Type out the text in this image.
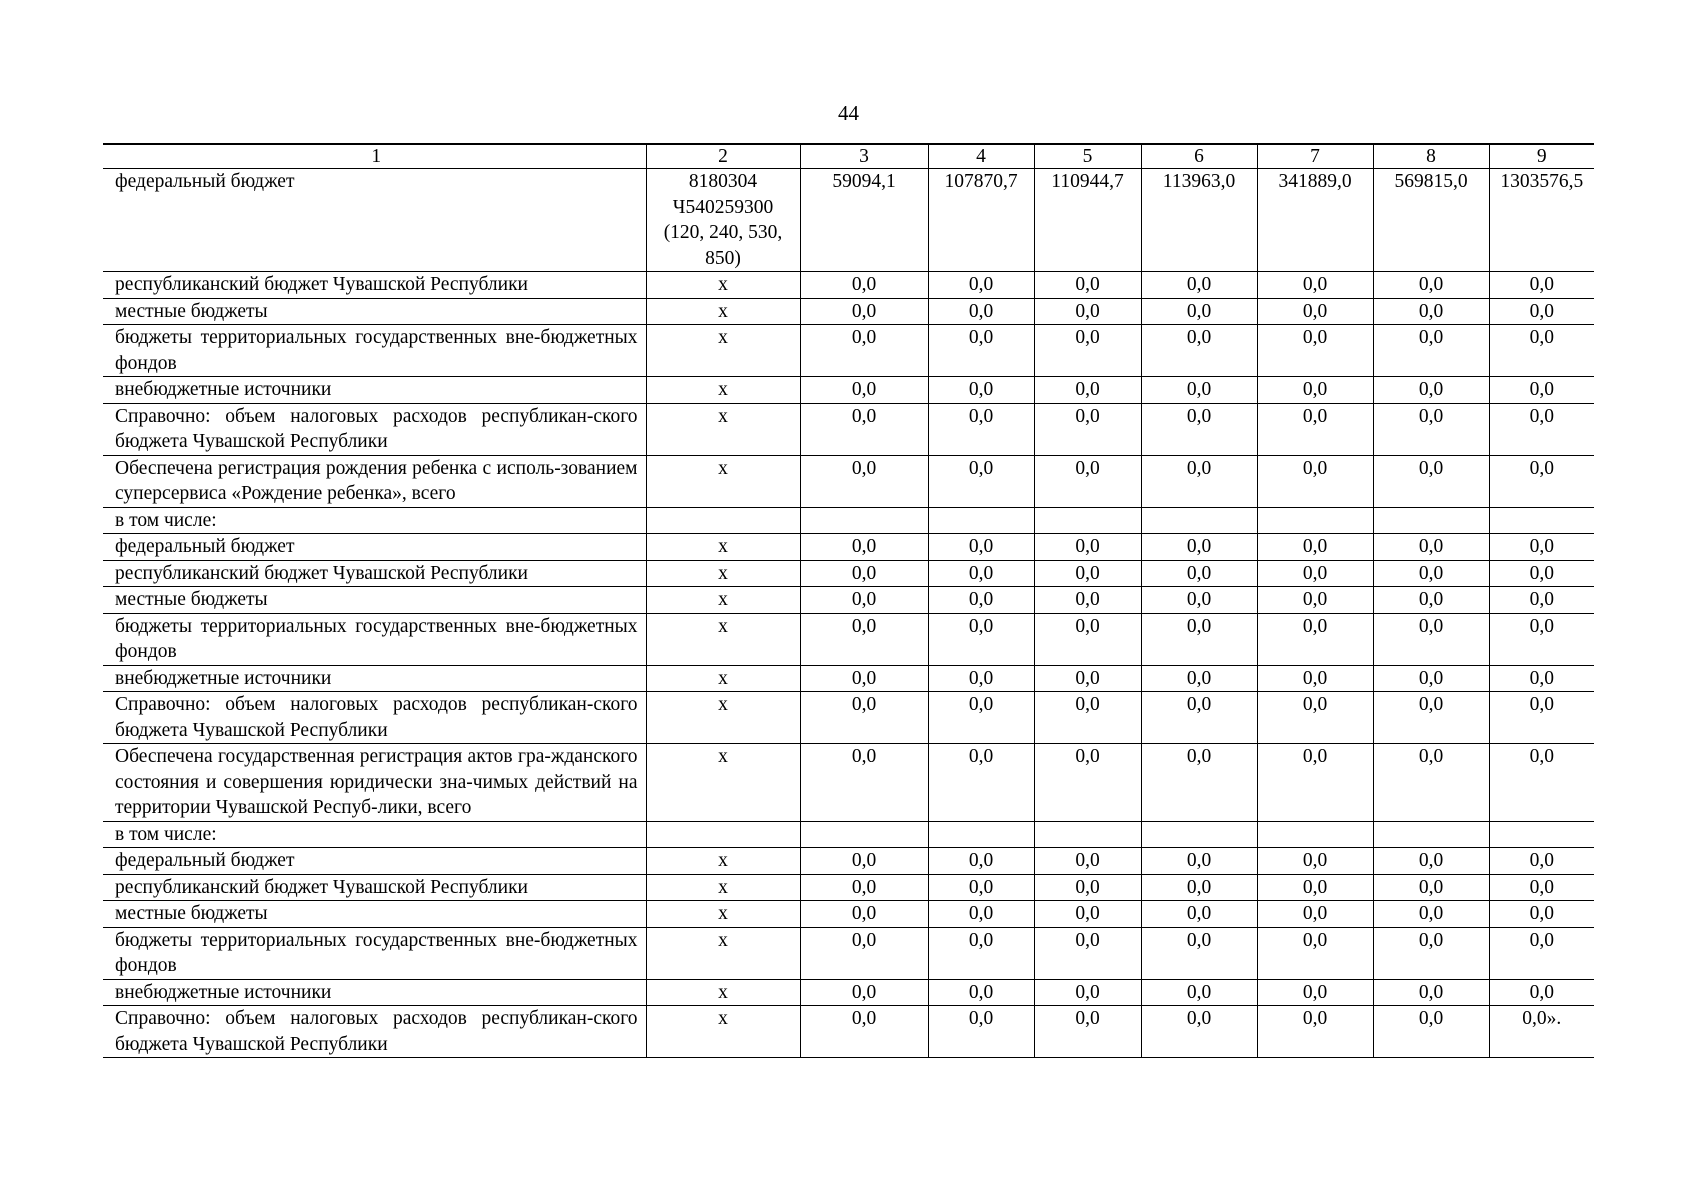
44
1	2	3	4	5	6	7	8	9
федеральный бюджет	8180304 Ч540259300 (120, 240, 530, 850)	59094,1	107870,7	110944,7	113963,0	341889,0	569815,0	1303576,5
республиканский бюджет Чувашской Республики	x	0,0	0,0	0,0	0,0	0,0	0,0	0,0
местные бюджеты	x	0,0	0,0	0,0	0,0	0,0	0,0	0,0
бюджеты территориальных государственных вне-бюджетных фондов	x	0,0	0,0	0,0	0,0	0,0	0,0	0,0
внебюджетные источники	x	0,0	0,0	0,0	0,0	0,0	0,0	0,0
Справочно: объем налоговых расходов республикан-ского бюджета Чувашской Республики	x	0,0	0,0	0,0	0,0	0,0	0,0	0,0
Обеспечена регистрация рождения ребенка с исполь-зованием суперсервиса «Рождение ребенка», всего	x	0,0	0,0	0,0	0,0	0,0	0,0	0,0
в том числе:								
федеральный бюджет	x	0,0	0,0	0,0	0,0	0,0	0,0	0,0
республиканский бюджет Чувашской Республики	x	0,0	0,0	0,0	0,0	0,0	0,0	0,0
местные бюджеты	x	0,0	0,0	0,0	0,0	0,0	0,0	0,0
бюджеты территориальных государственных вне-бюджетных фондов	x	0,0	0,0	0,0	0,0	0,0	0,0	0,0
внебюджетные источники	x	0,0	0,0	0,0	0,0	0,0	0,0	0,0
Справочно: объем налоговых расходов республикан-ского бюджета Чувашской Республики	x	0,0	0,0	0,0	0,0	0,0	0,0	0,0
Обеспечена государственная регистрация актов гра-жданского состояния и совершения юридически зна-чимых действий на территории Чувашской Респуб-лики, всего	x	0,0	0,0	0,0	0,0	0,0	0,0	0,0
в том числе:								
федеральный бюджет	x	0,0	0,0	0,0	0,0	0,0	0,0	0,0
республиканский бюджет Чувашской Республики	x	0,0	0,0	0,0	0,0	0,0	0,0	0,0
местные бюджеты	x	0,0	0,0	0,0	0,0	0,0	0,0	0,0
бюджеты территориальных государственных вне-бюджетных фондов	x	0,0	0,0	0,0	0,0	0,0	0,0	0,0
внебюджетные источники	x	0,0	0,0	0,0	0,0	0,0	0,0	0,0
Справочно: объем налоговых расходов республикан-ского бюджета Чувашской Республики	x	0,0	0,0	0,0	0,0	0,0	0,0	0,0».
